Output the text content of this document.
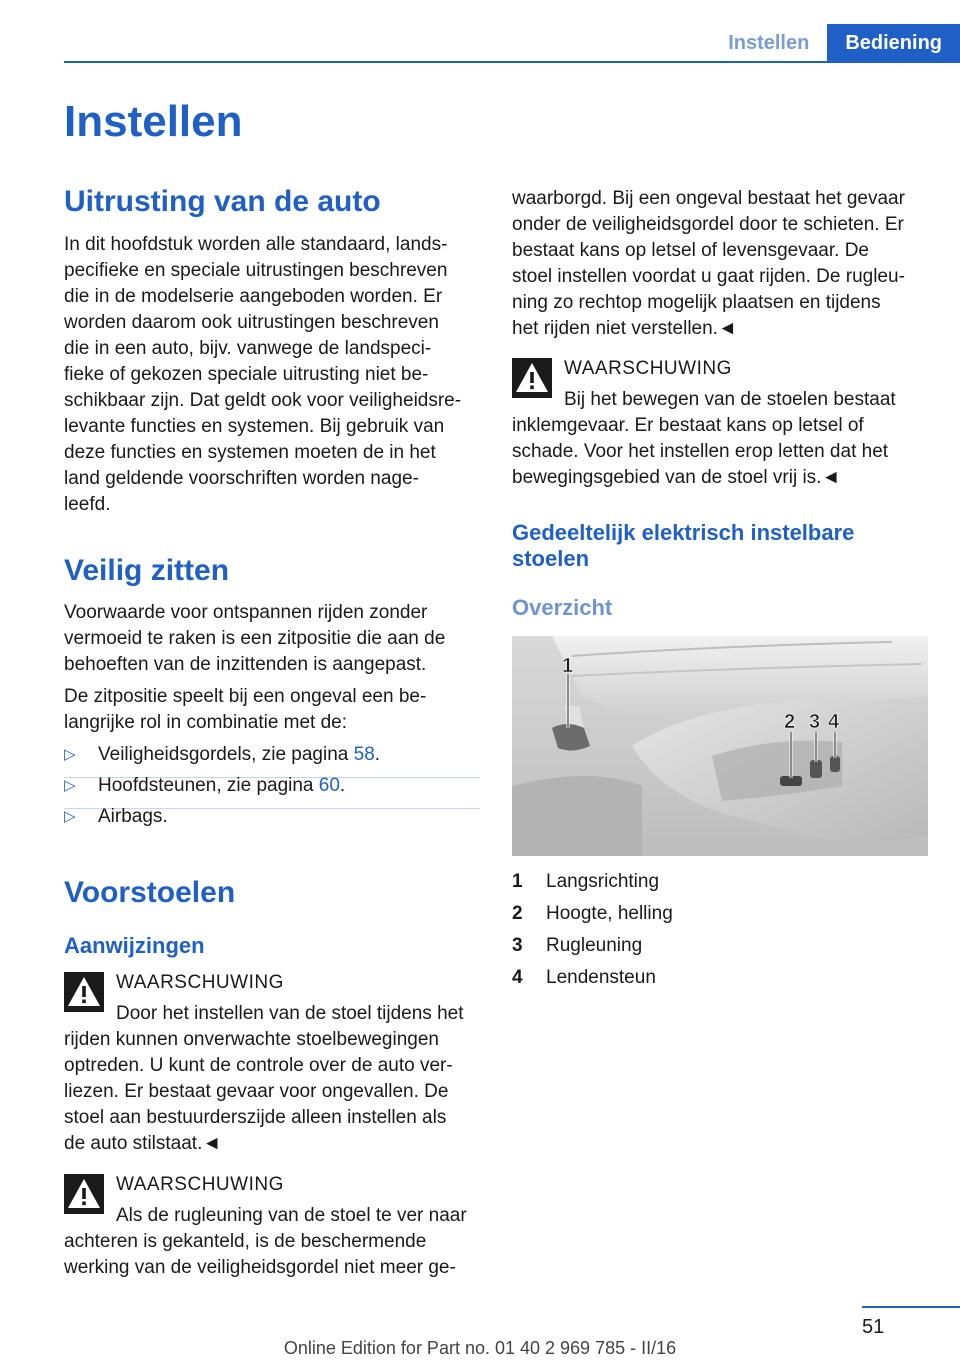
Instellen	Bediening
Instellen
Uitrusting van de auto
In dit hoofdstuk worden alle standaard, lands‐
pecifieke en speciale uitrustingen beschreven
die in de modelserie aangeboden worden. Er
worden daarom ook uitrustingen beschreven
die in een auto, bijv. vanwege de landspeci‐
fieke of gekozen speciale uitrusting niet be‐
schikbaar zijn. Dat geldt ook voor veiligheidsre‐
levante functies en systemen. Bij gebruik van
deze functies en systemen moeten de in het
land geldende voorschriften worden nage‐
leefd.
Veilig zitten
Voorwaarde voor ontspannen rijden zonder
vermoeid te raken is een zitpositie die aan de
behoeften van de inzittenden is aangepast.
De zitpositie speelt bij een ongeval een be‐
langrijke rol in combinatie met de:
▷ Veiligheidsgordels, zie pagina 58.
▷ Hoofdsteunen, zie pagina 60.
▷ Airbags.
Voorstoelen
Aanwijzingen
WAARSCHUWING
Door het instellen van de stoel tijdens het
rijden kunnen onverwachte stoelbewegingen
optreden. U kunt de controle over de auto ver‐
liezen. Er bestaat gevaar voor ongevallen. De
stoel aan bestuurderszijde alleen instellen als
de auto stilstaat.◄
WAARSCHUWING
Als de rugleuning van de stoel te ver naar
achteren is gekanteld, is de beschermende
werking van de veiligheidsgordel niet meer ge‐
waarborgd. Bij een ongeval bestaat het gevaar
onder de veiligheidsgordel door te schieten. Er
bestaat kans op letsel of levensgevaar. De
stoel instellen voordat u gaat rijden. De rugleu‐
ning zo rechtop mogelijk plaatsen en tijdens
het rijden niet verstellen.◄
WAARSCHUWING
Bij het bewegen van de stoelen bestaat
inklemgevaar. Er bestaat kans op letsel of
schade. Voor het instellen erop letten dat het
bewegingsgebied van de stoel vrij is.◄
Gedeeltelijk elektrisch instelbare
stoelen
Overzicht
1
2 3 4
1 Langsrichting
2 Hoogte, helling
3 Rugleuning
4 Lendensteun
51
Online Edition for Part no. 01 40 2 969 785 - II/16
